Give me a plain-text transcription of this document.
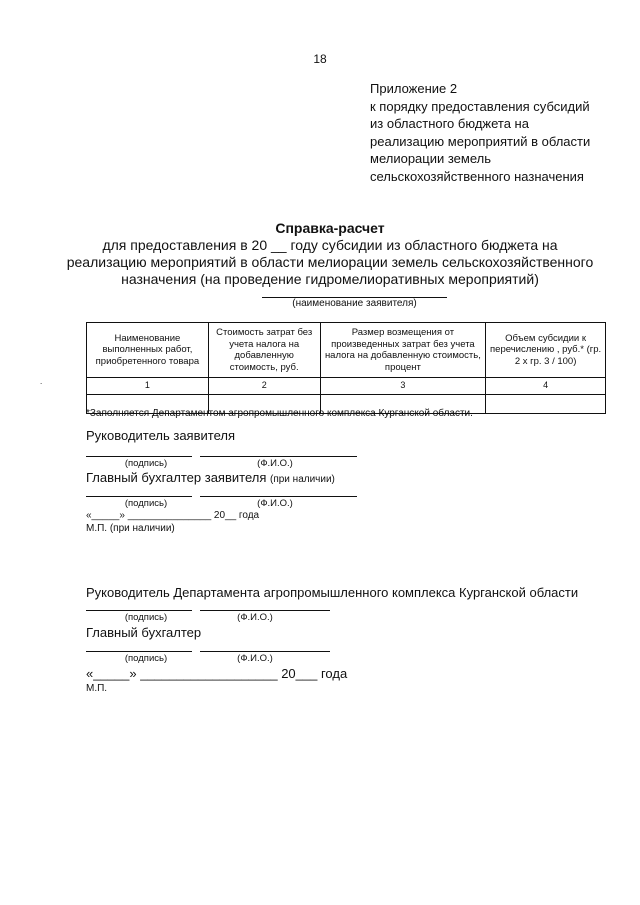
18
Приложение 2
к порядку предоставления субсидий
из областного бюджета на
реализацию мероприятий в области
мелиорации земель
сельскохозяйственного назначения
Справка-расчет
для предоставления в 20 __ году субсидии из областного бюджета на
реализацию мероприятий в области мелиорации земель сельскохозяйственного
назначения (на проведение гидромелиоративных мероприятий)
(наименование заявителя)
.
Наименование выполненных работ, приобретенного товара	Стоимость затрат без учета налога на добавленную стоимость, руб.	Размер возмещения от произведенных затрат без учета налога на добавленную стоимость, процент	Объем субсидии к перечислению , руб.* (гр. 2 x гр. 3 / 100)
1	2	3	4

*Заполняется Департаментом агропромышленного комплекса Курганской области.
Руководитель заявителя
(подпись)	(Ф.И.О.)
Главный бухгалтер заявителя (при наличии)
(подпись)	(Ф.И.О.)
«_____» _______________ 20__ года
М.П. (при наличии)
Руководитель Департамента агропромышленного комплекса Курганской области
(подпись)	(Ф.И.О.)
Главный бухгалтер
(подпись)	(Ф.И.О.)
«_____» ___________________ 20___ года
М.П.
